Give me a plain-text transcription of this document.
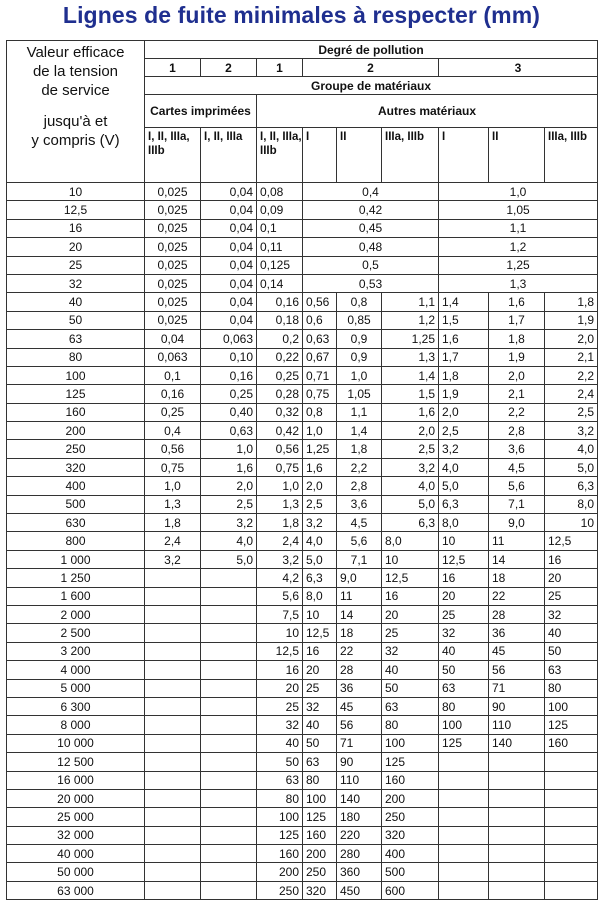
Lignes de fuite minimales à respecter (mm)
Valeur efficace
de la tension
de service
jusqu'à et
y compris (V)	Degré de pollution								
	1	2	1	2			3		
	Groupe de matériaux								
	Cartes imprimées		Autres matériaux						
	I, II, IIIa, IIIb	I, II, IIIa	I, II, IIIa, IIIb	I	II	IIIa, IIIb	I	II	IIIa, IIIb
10	0,025	0,04	0,08	0,4			1,0		
12,5	0,025	0,04	0,09	0,42			1,05		
16	0,025	0,04	0,1	0,45			1,1		
20	0,025	0,04	0,11	0,48			1,2		
25	0,025	0,04	0,125	0,5			1,25		
32	0,025	0,04	0,14	0,53			1,3		
40	0,025	0,04	0,16	0,56	0,8	1,1	1,4	1,6	1,8
50	0,025	0,04	0,18	0,6	0,85	1,2	1,5	1,7	1,9
63	0,04	0,063	0,2	0,63	0,9	1,25	1,6	1,8	2,0
80	0,063	0,10	0,22	0,67	0,9	1,3	1,7	1,9	2,1
100	0,1	0,16	0,25	0,71	1,0	1,4	1,8	2,0	2,2
125	0,16	0,25	0,28	0,75	1,05	1,5	1,9	2,1	2,4
160	0,25	0,40	0,32	0,8	1,1	1,6	2,0	2,2	2,5
200	0,4	0,63	0,42	1,0	1,4	2,0	2,5	2,8	3,2
250	0,56	1,0	0,56	1,25	1,8	2,5	3,2	3,6	4,0
320	0,75	1,6	0,75	1,6	2,2	3,2	4,0	4,5	5,0
400	1,0	2,0	1,0	2,0	2,8	4,0	5,0	5,6	6,3
500	1,3	2,5	1,3	2,5	3,6	5,0	6,3	7,1	8,0
630	1,8	3,2	1,8	3,2	4,5	6,3	8,0	9,0	10
800	2,4	4,0	2,4	4,0	5,6	8,0	10	11	12,5
1 000	3,2	5,0	3,2	5,0	7,1	10	12,5	14	16
1 250			4,2	6,3	9,0	12,5	16	18	20
1 600			5,6	8,0	11	16	20	22	25
2 000			7,5	10	14	20	25	28	32
2 500			10	12,5	18	25	32	36	40
3 200			12,5	16	22	32	40	45	50
4 000			16	20	28	40	50	56	63
5 000			20	25	36	50	63	71	80
6 300			25	32	45	63	80	90	100
8 000			32	40	56	80	100	110	125
10 000			40	50	71	100	125	140	160
12 500			50	63	90	125			
16 000			63	80	110	160			
20 000			80	100	140	200			
25 000			100	125	180	250			
32 000			125	160	220	320			
40 000			160	200	280	400			
50 000			200	250	360	500			
63 000			250	320	450	600			
